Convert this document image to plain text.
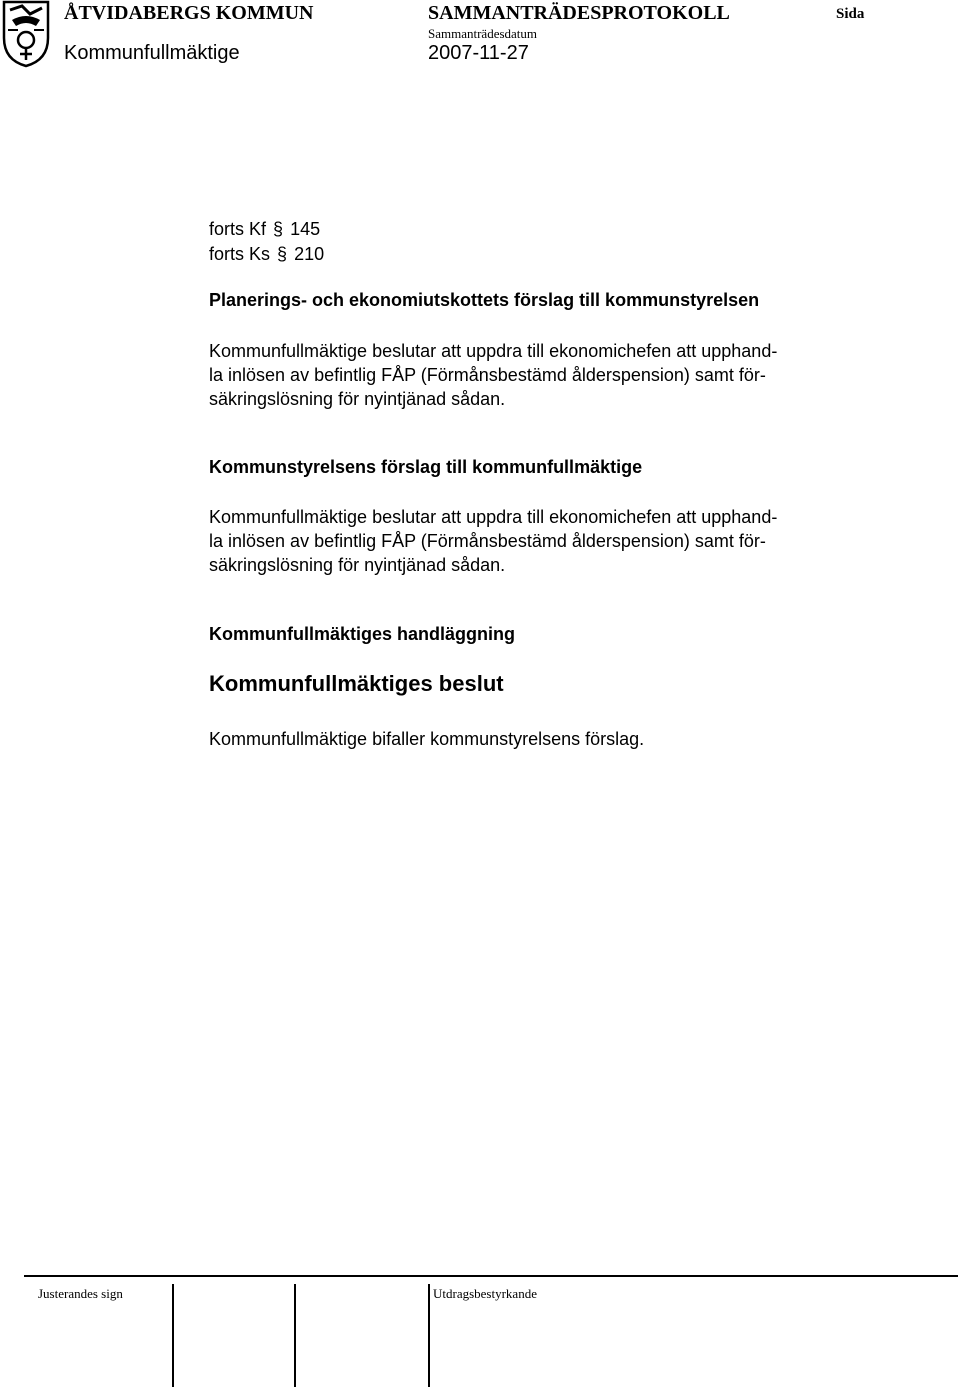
ÅTVIDABERGS KOMMUN	SAMMANTRÄDESPROTOKOLL	Sida
Sammanträdesdatum
Kommunfullmäktige	2007-11-27
forts Kf § 145
forts Ks § 210
Planerings- och ekonomiutskottets förslag till kommunstyrelsen
Kommunfullmäktige beslutar att uppdra till ekonomichefen att upphand-
la inlösen av befintlig FÅP (Förmånsbestämd ålderspension) samt för-
säkringslösning för nyintjänad sådan.
Kommunstyrelsens förslag till kommunfullmäktige
Kommunfullmäktige beslutar att uppdra till ekonomichefen att upphand-
la inlösen av befintlig FÅP (Förmånsbestämd ålderspension) samt för-
säkringslösning för nyintjänad sådan.
Kommunfullmäktiges handläggning
Kommunfullmäktiges beslut
Kommunfullmäktige bifaller kommunstyrelsens förslag.
Justerandes sign	Utdragsbestyrkande
